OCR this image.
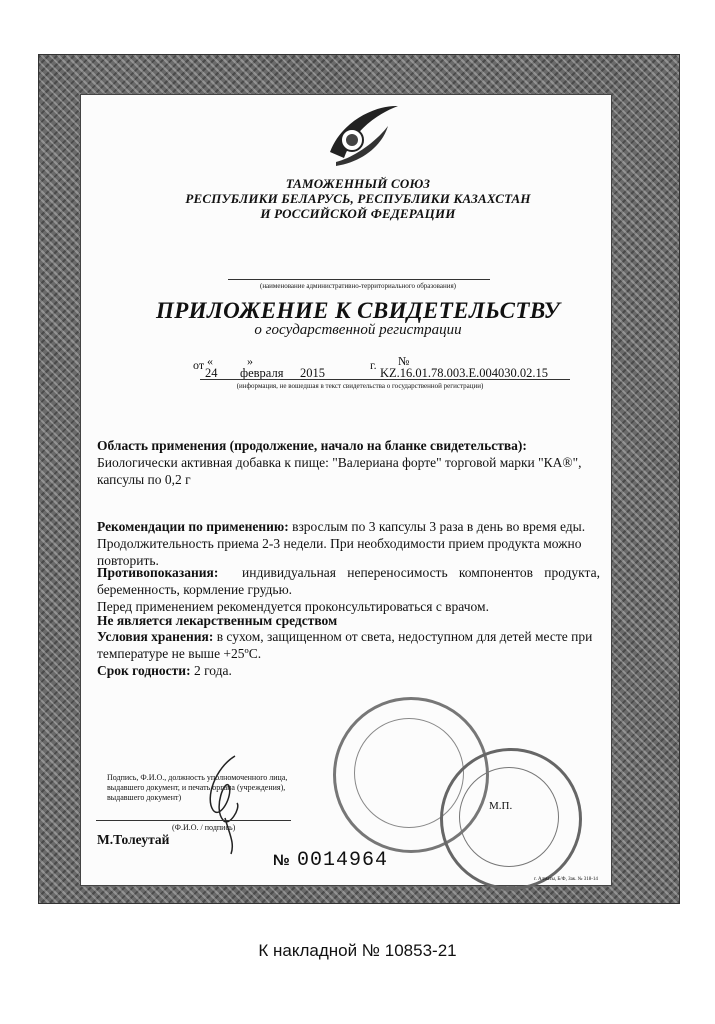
ТАМОЖЕННЫЙ СОЮЗ
РЕСПУБЛИКИ БЕЛАРУСЬ, РЕСПУБЛИКИ КАЗАХСТАН
И РОССИЙСКОЙ ФЕДЕРАЦИИ
(наименование административно-территориального образования)
ПРИЛОЖЕНИЕ К СВИДЕТЕЛЬСТВУ
о государственной регистрации
от «	»
24 февраля 2015
г. №
KZ.16.01.78.003.E.004030.02.15
(информация, не вошедшая в текст свидетельства о государственной регистрации)
Область применения (продолжение, начало на бланке свидетельства):
Биологически активная добавка к пище: "Валериана форте" торговой марки "КА®",
капсулы по 0,2 г
Рекомендации по применению: взрослым по 3 капсулы 3 раза в день во время еды.
Продолжительность приема 2-3 недели. При необходимости прием продукта можно
повторить.
Противопоказания: индивидуальная непереносимость компонентов продукта,
беременность, кормление грудью.
Перед применением рекомендуется проконсультироваться с врачом.
Не является лекарственным средством
Условия хранения: в сухом, защищенном от света, недоступном для детей месте при
температуре не выше +25ºС.
Срок годности: 2 года.
Подпись, Ф.И.О., должность уполномоченного лица,
выдавшего документ, и печать органа (учреждения),
выдавшего документ)
(Ф.И.О. / подпись)
М.Толеутай
М.П.
№ 0014964
г. Алматы, Б/Ф, Зак. № 318-14
К накладной № 10853-21
